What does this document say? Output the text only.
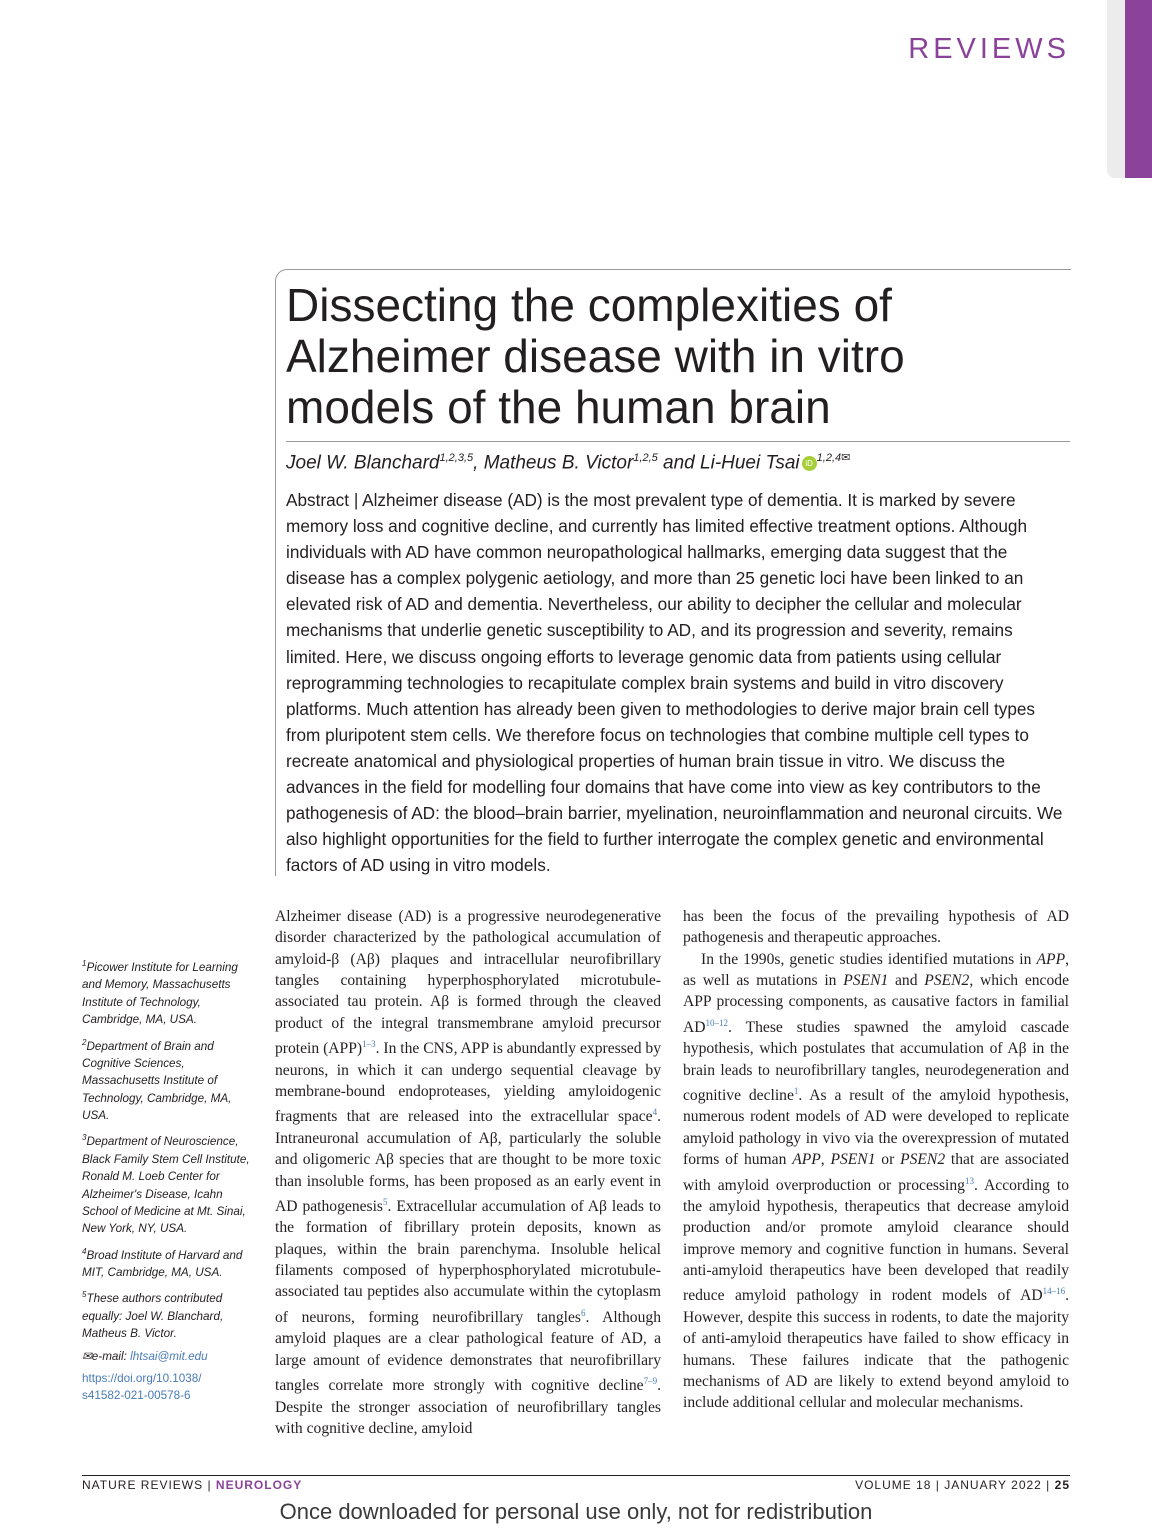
REVIEWS
Dissecting the complexities of Alzheimer disease with in vitro models of the human brain
Joel W. Blanchard$^{1,2,3,5}$, Matheus B. Victor$^{1,2,5}$ and Li-Huei Tsai iD $^{1,2,4✉}$
Abstract | Alzheimer disease (AD) is the most prevalent type of dementia. It is marked by severe memory loss and cognitive decline, and currently has limited effective treatment options. Although individuals with AD have common neuropathological hallmarks, emerging data suggest that the disease has a complex polygenic aetiology, and more than 25 genetic loci have been linked to an elevated risk of AD and dementia. Nevertheless, our ability to decipher the cellular and molecular mechanisms that underlie genetic susceptibility to AD, and its progression and severity, remains limited. Here, we discuss ongoing efforts to leverage genomic data from patients using cellular reprogramming technologies to recapitulate complex brain systems and build in vitro discovery platforms. Much attention has already been given to methodologies to derive major brain cell types from pluripotent stem cells. We therefore focus on technologies that combine multiple cell types to recreate anatomical and physiological properties of human brain tissue in vitro. We discuss the advances in the field for modelling four domains that have come into view as key contributors to the pathogenesis of AD: the blood–brain barrier, myelination, neuroinflammation and neuronal circuits. We also highlight opportunities for the field to further interrogate the complex genetic and environmental factors of AD using in vitro models.

$^1$Picower Institute for Learning and Memory, Massachusetts Institute of Technology, Cambridge, MA, USA.

$^2$Department of Brain and Cognitive Sciences, Massachusetts Institute of Technology, Cambridge, MA, USA.

$^3$Department of Neuroscience, Black Family Stem Cell Institute, Ronald M. Loeb Center for Alzheimer's Disease, Icahn School of Medicine at Mt. Sinai, New York, NY, USA.

$^4$Broad Institute of Harvard and MIT, Cambridge, MA, USA.

$^5$These authors contributed equally: Joel W. Blanchard, Matheus B. Victor.

✉e-mail: lhtsai@mit.edu

https://doi.org/10.1038/
s41582-021-00578-6

Alzheimer disease (AD) is a progressive neurodegenerative disorder characterized by the pathological accumulation of amyloid-β (Aβ) plaques and intracellular neurofibrillary tangles containing hyperphosphorylated microtubule-associated tau protein. Aβ is formed through the cleaved product of the integral transmembrane amyloid precursor protein (APP)$^{1-3}$. In the CNS, APP is abundantly expressed by neurons, in which it can undergo sequential cleavage by membrane-bound endoproteases, yielding amyloidogenic fragments that are released into the extracellular space$^4$. Intraneuronal accumulation of Aβ, particularly the soluble and oligomeric Aβ species that are thought to be more toxic than insoluble forms, has been proposed as an early event in AD pathogenesis$^5$. Extracellular accumulation of Aβ leads to the formation of fibrillary protein deposits, known as plaques, within the brain parenchyma. Insoluble helical filaments composed of hyperphosphorylated microtubule-associated tau peptides also accumulate within the cytoplasm of neurons, forming neurofibrillary tangles$^6$. Although amyloid plaques are a clear pathological feature of AD, a large amount of evidence demonstrates that neurofibrillary tangles correlate more strongly with cognitive decline$^{7-9}$. Despite the stronger association of neurofibrillary tangles with cognitive decline, amyloid

has been the focus of the prevailing hypothesis of AD pathogenesis and therapeutic approaches.

In the 1990s, genetic studies identified mutations in APP, as well as mutations in PSEN1 and PSEN2, which encode APP processing components, as causative factors in familial AD$^{10-12}$. These studies spawned the amyloid cascade hypothesis, which postulates that accumulation of Aβ in the brain leads to neurofibrillary tangles, neurodegeneration and cognitive decline$^1$. As a result of the amyloid hypothesis, numerous rodent models of AD were developed to replicate amyloid pathology in vivo via the overexpression of mutated forms of human APP, PSEN1 or PSEN2 that are associated with amyloid overproduction or processing$^{13}$. According to the amyloid hypothesis, therapeutics that decrease amyloid production and/or promote amyloid clearance should improve memory and cognitive function in humans. Several anti-amyloid therapeutics have been developed that readily reduce amyloid pathology in rodent models of AD$^{14-16}$. However, despite this success in rodents, to date the majority of anti-amyloid therapeutics have failed to show efficacy in humans. These failures indicate that the pathogenic mechanisms of AD are likely to extend beyond amyloid to include additional cellular and molecular mechanisms.

NATURE REVIEWS | NEUROLOGY	VOLUME 18 | JANUARY 2022 | 25
Once downloaded for personal use only, not for redistribution
